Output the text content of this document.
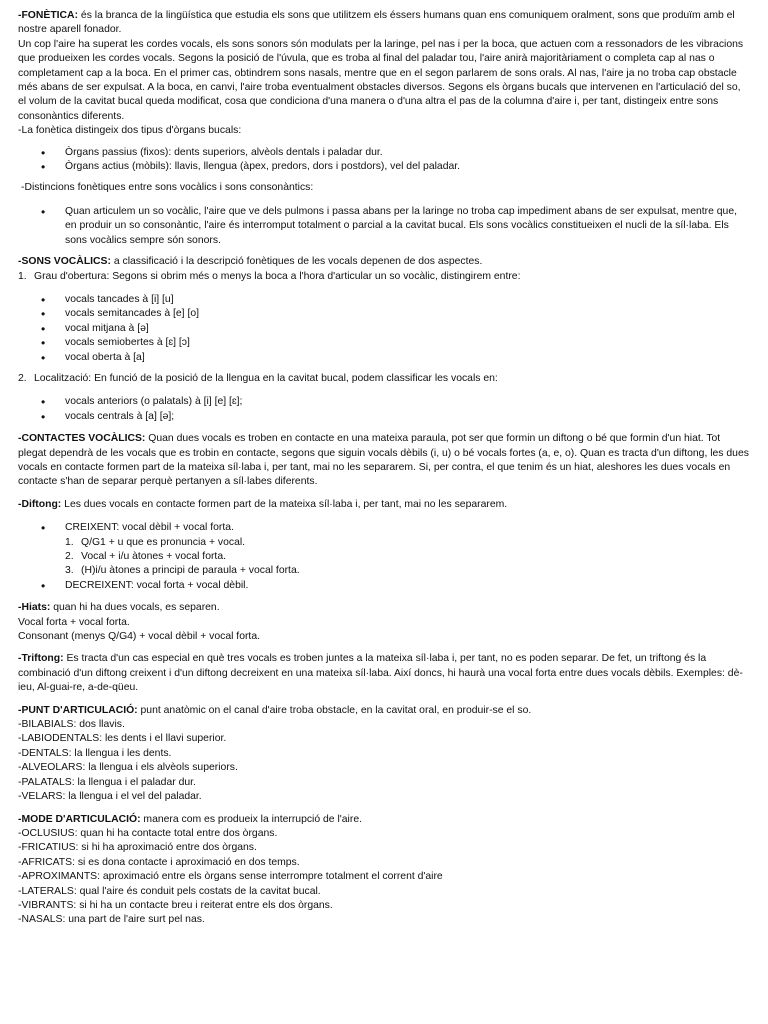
-FONÈTICA: és la branca de la lingüística que estudia els sons que utilitzem els éssers humans quan ens comuniquem oralment, sons que produïm amb el nostre aparell fonador.

Un cop l'aire ha superat les cordes vocals, els sons sonors són modulats per la laringe, pel nas i per la boca, que actuen com a ressonadors de les vibracions que produeixen les cordes vocals. Segons la posició de l'úvula, que es troba al final del paladar tou, l'aire anirà majoritàriament o completa cap al nas o completament cap a la boca. En el primer cas, obtindrem sons nasals, mentre que en el segon parlarem de sons orals. Al nas, l'aire ja no troba cap obstacle més abans de ser expulsat. A la boca, en canvi, l'aire troba eventualment obstacles diversos. Segons els òrgans bucals que intervenen en l'articulació del so, el volum de la cavitat bucal queda modificat, cosa que condiciona d'una manera o d'una altra el pas de la columna d'aire i, per tant, distingeix entre sons consonàntics diferents.

-La fonètica distingeix dos tipus d'òrgans bucals:

• Òrgans passius (fixos): dents superiors, alvèols dentals i paladar dur.
• Òrgans actius (mòbils): llavis, llengua (àpex, predors, dors i postdors), vel del paladar.

-Distincions fonètiques entre sons vocàlics i sons consonàntics:

• Quan articulem un so vocàlic, l'aire que ve dels pulmons i passa abans per la laringe no troba cap impediment abans de ser expulsat, mentre que, en produir un so consonàntic, l'aire és interromput totalment o parcial a la cavitat bucal. Els sons vocàlics constitueixen el nucli de la síl·laba. Els sons vocàlics sempre són sonors.

-SONS VOCÀLICS: a classificació i la descripció fonètiques de les vocals depenen de dos aspectes.

1. Grau d'obertura: Segons si obrim més o menys la boca a l'hora d'articular un so vocàlic, distingirem entre:
• vocals tancades à [i] [u]
• vocals semitancades à [e] [o]
• vocal mitjana à [ə]
• vocals semiobertes à [ɛ] [ɔ]
• vocal oberta à [a]
2. Localització: En funció de la posició de la llengua en la cavitat bucal, podem classificar les vocals en:
• vocals anteriors (o palatals) à [i] [e] [ɛ];
• vocals centrals à [a] [ə];

-CONTACTES VOCÀLICS: Quan dues vocals es troben en contacte en una mateixa paraula, pot ser que formin un diftong o bé que formin d'un hiat. Tot plegat dependrà de les vocals que es trobin en contacte, segons que siguin vocals dèbils (i, u) o bé vocals fortes (a, e, o). Quan es tracta d'un diftong, les dues vocals en contacte formen part de la mateixa síl·laba i, per tant, mai no les separarem. Si, per contra, el que tenim és un hiat, aleshores les dues vocals en contacte s'han de separar perquè pertanyen a síl·labes diferents.

-Diftong: Les dues vocals en contacte formen part de la mateixa síl·laba i, per tant, mai no les separarem.

• CREIXENT: vocal dèbil + vocal forta.
1. Q/G1 + u que es pronuncia + vocal.
2. Vocal + i/u àtones + vocal forta.
3. (H)i/u àtones a principi de paraula + vocal forta.
• DECREIXENT: vocal forta + vocal dèbil.

-Hiats: quan hi ha dues vocals, es separen.

Vocal forta + vocal forta.

Consonant (menys Q/G4) + vocal dèbil + vocal forta.

-Triftong: Es tracta d'un cas especial en què tres vocals es troben juntes a la mateixa síl·laba i, per tant, no es poden separar. De fet, un triftong és la combinació d'un diftong creixent i d'un diftong decreixent en una mateixa síl·laba. Així doncs, hi haurà una vocal forta entre dues vocals dèbils. Exemples: dè-ieu, Al-guai-re, a-de-qüeu.

-PUNT D'ARTICULACIÓ: punt anatòmic on el canal d'aire troba obstacle, en la cavitat oral, en produir-se el so.

-BILABIALS: dos llavis.

-LABIODENTALS: les dents i el llavi superior.

-DENTALS: la llengua i les dents.

-ALVEOLARS: la llengua i els alvèols superiors.

-PALATALS: la llengua i el paladar dur.

-VELARS: la llengua i el vel del paladar.

-MODE D'ARTICULACIÓ: manera com es produeix la interrupció de l'aire.

-OCLUSIUS: quan hi ha contacte total entre dos òrgans.

-FRICATIUS: si hi ha aproximació entre dos òrgans.

-AFRICATS: si es dona contacte i aproximació en dos temps.

-APROXIMANTS: aproximació entre els òrgans sense interrompre totalment el corrent d'aire

-LATERALS: qual l'aire és conduit pels costats de la cavitat bucal.

-VIBRANTS: si hi ha un contacte breu i reiterat entre els dos òrgans.

-NASALS: una part de l'aire surt pel nas.
